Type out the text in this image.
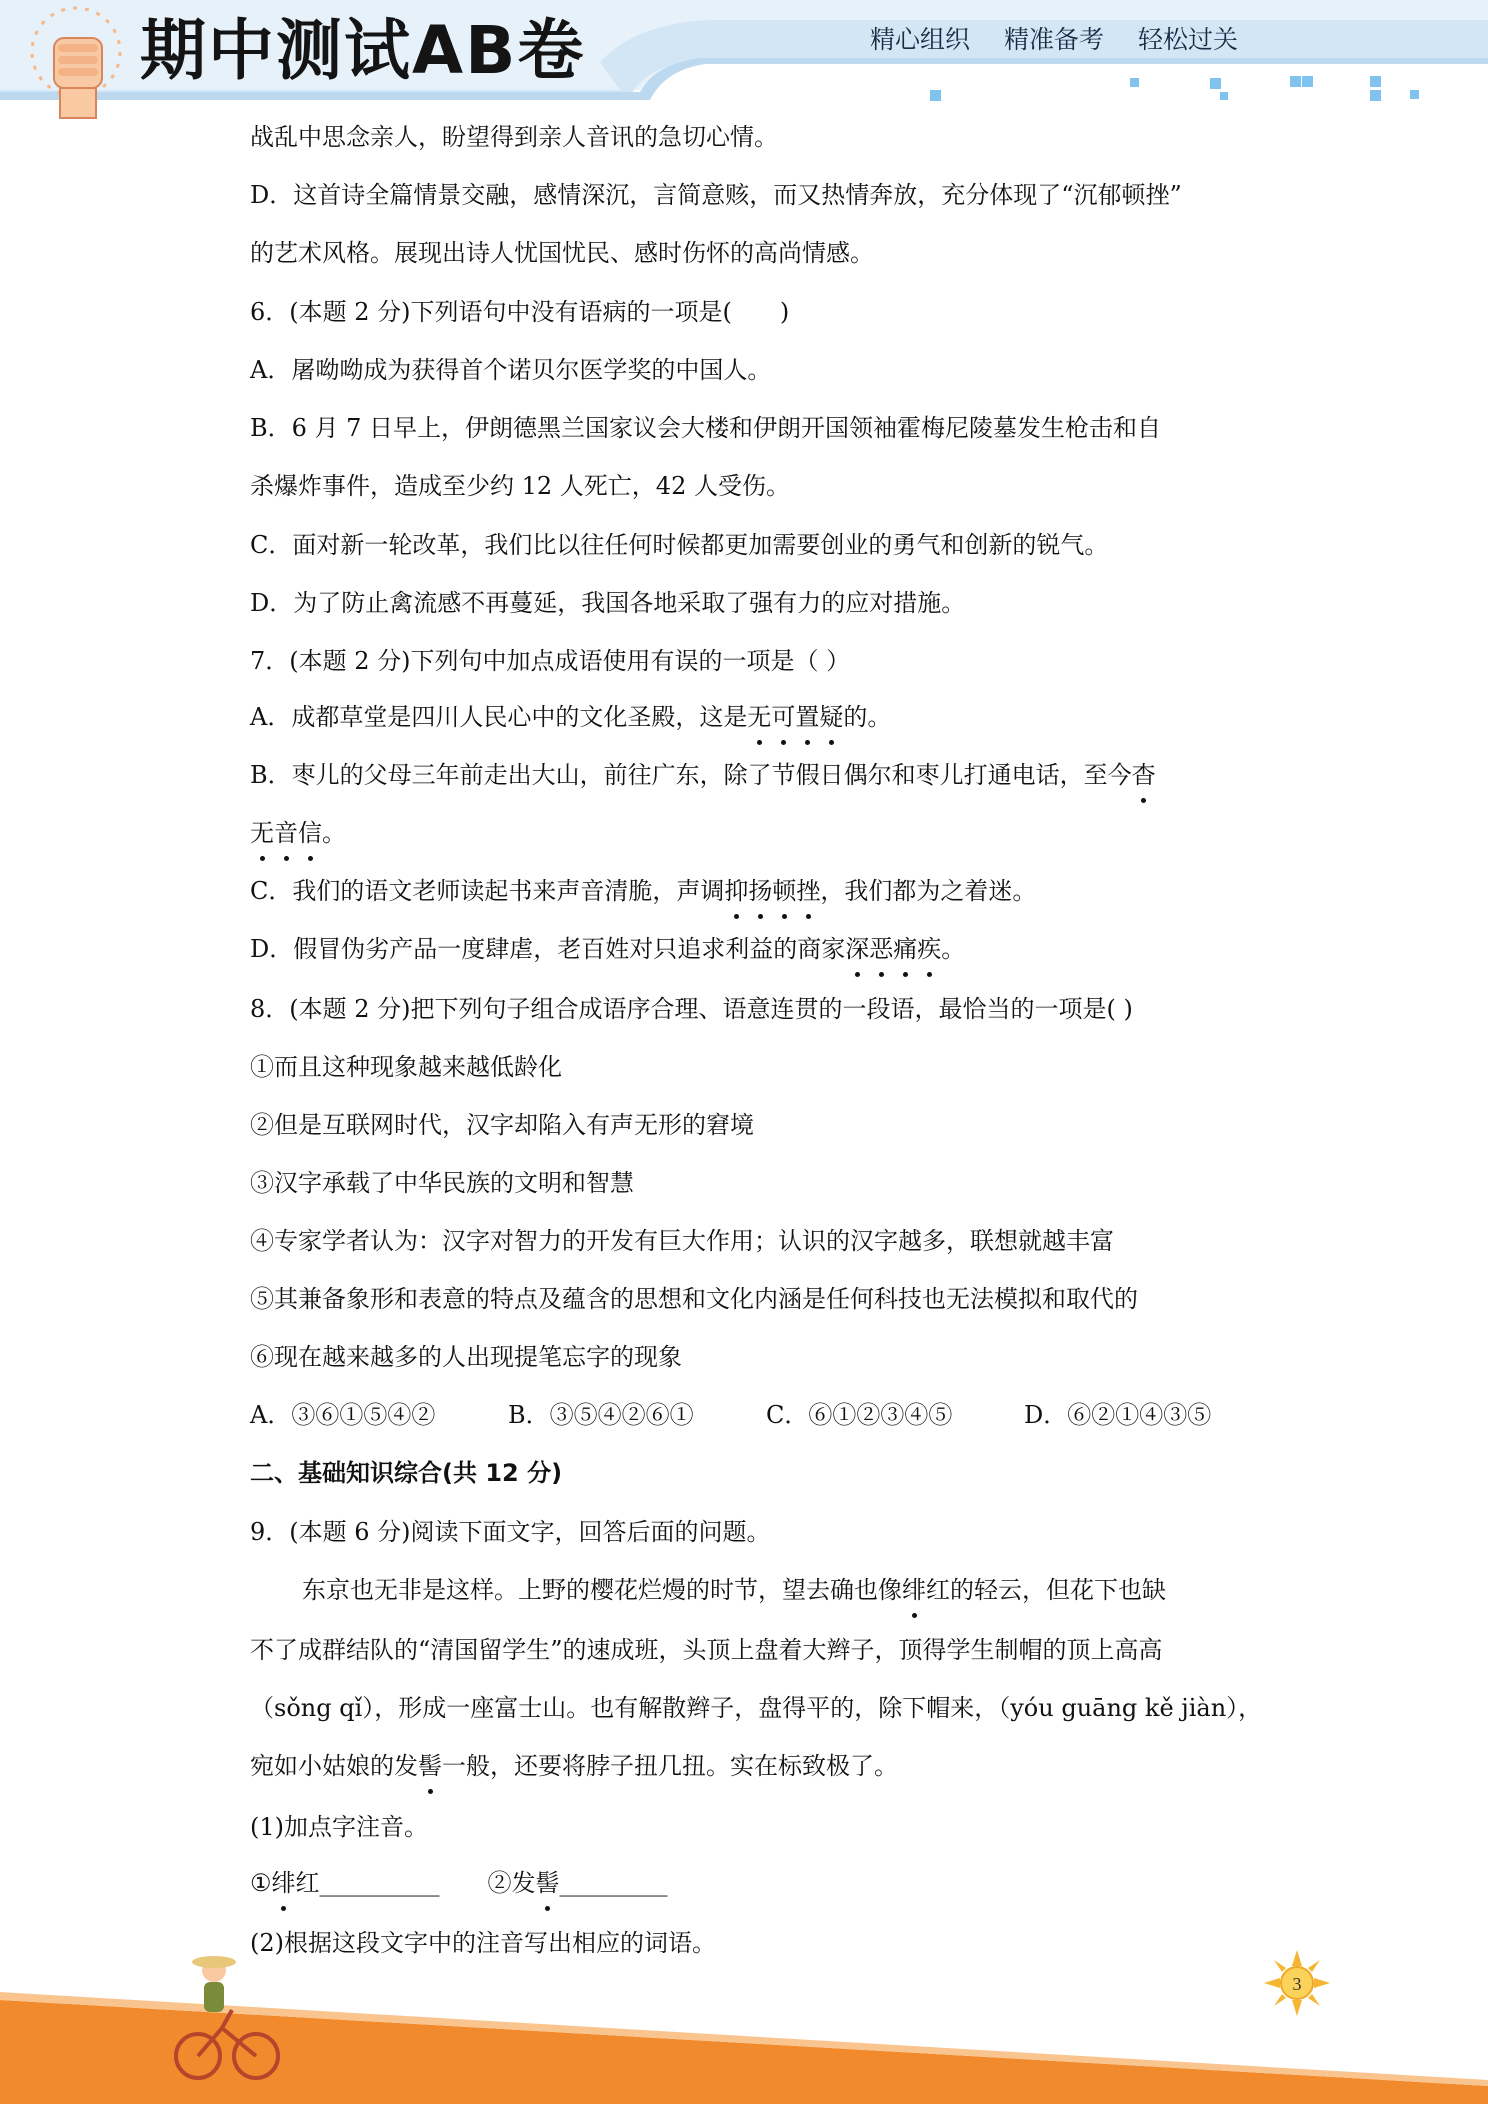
期中测试AB卷	精心组织 精准备考 轻松过关
战乱中思念亲人，盼望得到亲人音讯的急切心情。
D．这首诗全篇情景交融，感情深沉，言简意赅，而又热情奔放，充分体现了“沉郁顿挫”
的艺术风格。展现出诗人忧国忧民、感时伤怀的高尚情感。
6．(本题 2 分)下列语句中没有语病的一项是(　　)
A．屠呦呦成为获得首个诺贝尔医学奖的中国人。
B．6 月 7 日早上，伊朗德黑兰国家议会大楼和伊朗开国领袖霍梅尼陵墓发生枪击和自
杀爆炸事件，造成至少约 12 人死亡，42 人受伤。
C．面对新一轮改革，我们比以往任何时候都更加需要创业的勇气和创新的锐气。
D．为了防止禽流感不再蔓延，我国各地采取了强有力的应对措施。
7．(本题 2 分)下列句中加点成语使用有误的一项是（ ）
A．成都草堂是四川人民心中的文化圣殿，这是无可置疑
的。
B．枣儿的父母三年前走出大山，前往广东，除了节假日偶尔和枣儿打通电话，至今杳
无音信
。
C．我们的语文老师读起书来声音清脆，声调抑扬顿挫
，我们都为之着迷。
D．假冒伪劣产品一度肆虐，老百姓对只追求利益的商家深恶痛疾
。
8．(本题 2 分)把下列句子组合成语序合理、语意连贯的一段语，最恰当的一项是( )
①而且这种现象越来越低龄化
②但是互联网时代，汉字却陷入有声无形的窘境
③汉字承载了中华民族的文明和智慧
④专家学者认为：汉字对智力的开发有巨大作用；认识的汉字越多，联想就越丰富
⑤其兼备象形和表意的特点及蕴含的思想和文化内涵是任何科技也无法模拟和取代的
⑥现在越来越多的人出现提笔忘字的现象
A．③⑥①⑤④②	B．③⑤④②⑥①	C．⑥①②③④⑤	D．⑥②①④③⑤
二、基础知识综合(共 12 分)
9．(本题 6 分)阅读下面文字，回答后面的问题。
东京也无非是这样。上野的樱花烂熳的时节，望去确也像绯
红的轻云，但花下也缺
不了成群结队的“清国留学生”的速成班，头顶上盘着大辫子，顶得学生制帽的顶上高高
（sǒng qǐ），形成一座富士山。也有解散辫子，盘得平的，除下帽来，（yóu guāng kě jiàn），
宛如小姑娘的发髻
一般，还要将脖子扭几扭。实在标致极了。
(1)加点字注音。
①绯
红__________　　②发髻
_________
(2)根据这段文字中的注音写出相应的词语。
3
